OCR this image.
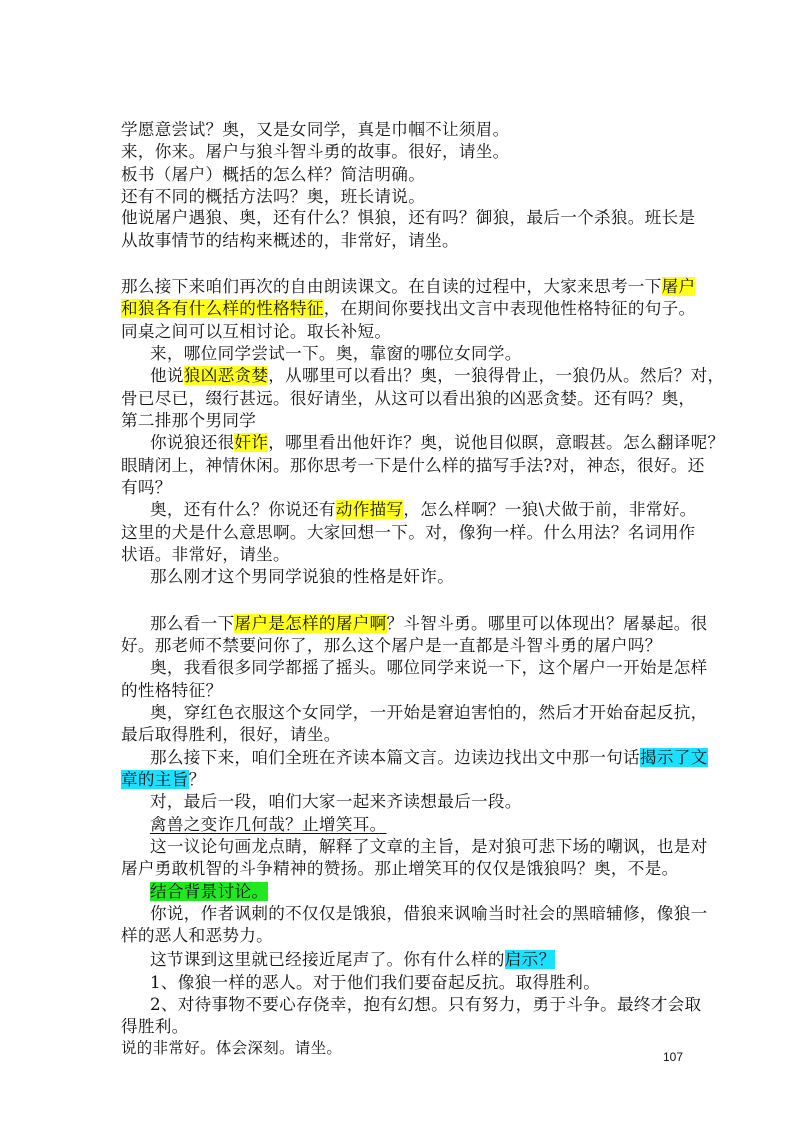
学愿意尝试？奥，又是女同学，真是巾帼不让须眉。

来，你来。屠户与狼斗智斗勇的故事。很好，请坐。

板书（屠户）概括的怎么样？简洁明确。

还有不同的概括方法吗？奥，班长请说。

他说屠户遇狼、奥，还有什么？惧狼，还有吗？御狼，最后一个杀狼。班长是

从故事情节的结构来概述的，非常好，请坐。

那么接下来咱们再次的自由朗读课文。在自读的过程中，大家来思考一下屠户

和狼各有什么样的性格特征，在期间你要找出文言中表现他性格特征的句子。

同桌之间可以互相讨论。取长补短。

来，哪位同学尝试一下。奥，靠窗的哪位女同学。

他说狼凶恶贪婪，从哪里可以看出？奥，一狼得骨止，一狼仍从。然后？对，

骨已尽已，缀行甚远。很好请坐，从这可以看出狼的凶恶贪婪。还有吗？奥，

第二排那个男同学

你说狼还很奸诈，哪里看出他奸诈？奥，说他目似瞑，意暇甚。怎么翻译呢？

眼睛闭上，神情休闲。那你思考一下是什么样的描写手法?对，神态，很好。还

有吗？

奥，还有什么？你说还有动作描写，怎么样啊？一狼\犬做于前，非常好。

这里的犬是什么意思啊。大家回想一下。对，像狗一样。什么用法？名词用作

状语。非常好，请坐。

那么刚才这个男同学说狼的性格是奸诈。

那么看一下屠户是怎样的屠户啊？斗智斗勇。哪里可以体现出？屠暴起。很

好。那老师不禁要问你了，那么这个屠户是一直都是斗智斗勇的屠户吗？

奥，我看很多同学都摇了摇头。哪位同学来说一下，这个屠户一开始是怎样

的性格特征？

奥，穿红色衣服这个女同学，一开始是窘迫害怕的，然后才开始奋起反抗，

最后取得胜利，很好，请坐。

那么接下来，咱们全班在齐读本篇文言。边读边找出文中那一句话揭示了文

章的主旨？

对，最后一段，咱们大家一起来齐读想最后一段。

禽兽之变诈几何哉？止增笑耳。

这一议论句画龙点睛，解释了文章的主旨，是对狼可悲下场的嘲讽，也是对

屠户勇敢机智的斗争精神的赞扬。那止增笑耳的仅仅是饿狼吗？奥，不是。

结合背景讨论。

你说，作者讽刺的不仅仅是饿狼，借狼来讽喻当时社会的黑暗辅修，像狼一

样的恶人和恶势力。

这节课到这里就已经接近尾声了。你有什么样的启示？

1、像狼一样的恶人。对于他们我们要奋起反抗。取得胜利。

2、对待事物不要心存侥幸，抱有幻想。只有努力，勇于斗争。最终才会取

得胜利。

说的非常好。体会深刻。请坐。	107
